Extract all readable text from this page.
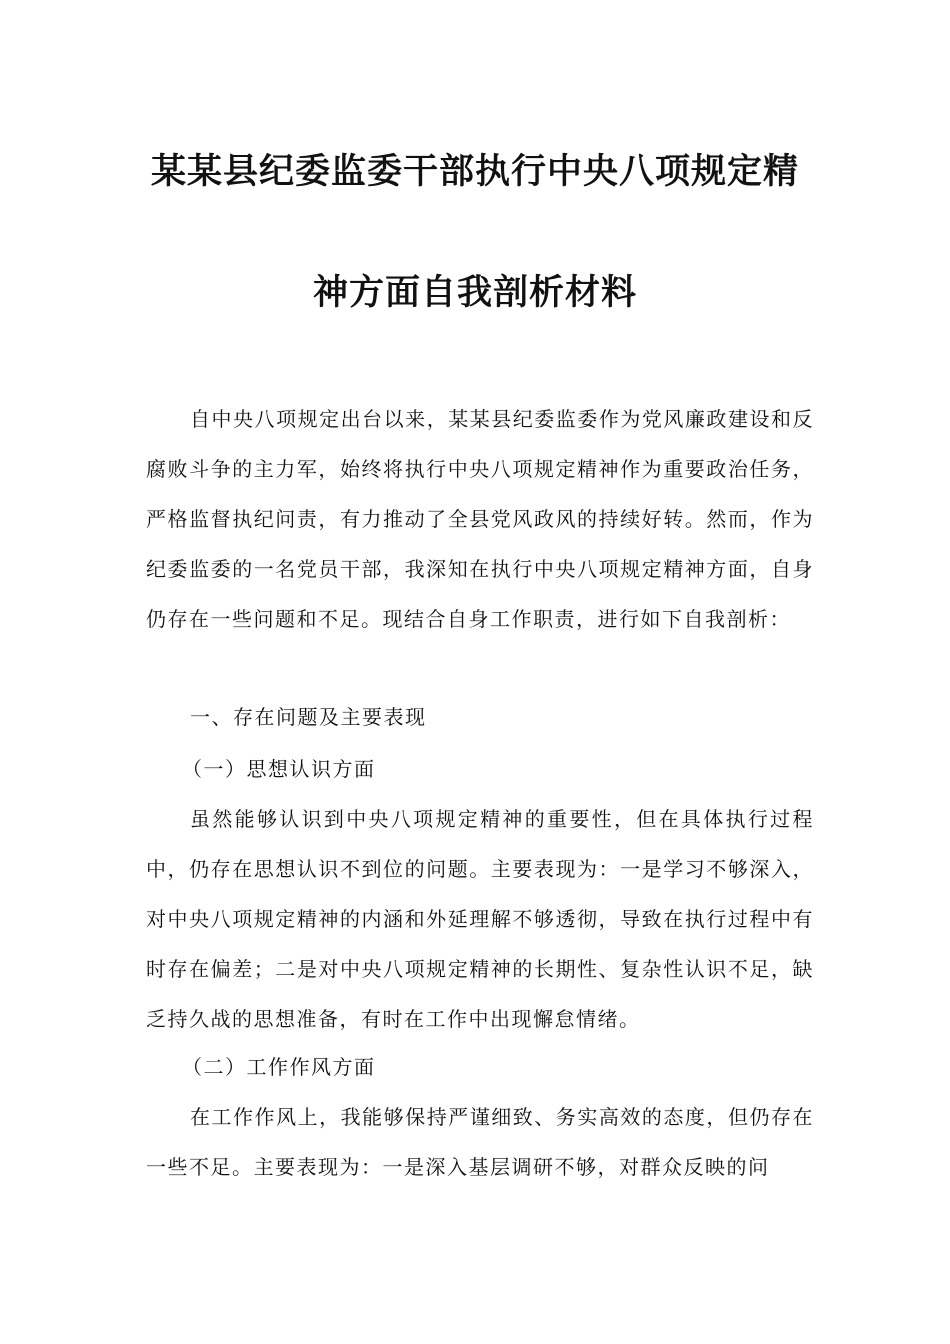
某某县纪委监委干部执行中央八项规定精
神方面自我剖析材料

自中央八项规定出台以来，某某县纪委监委作为党风廉政建设和反腐败斗争的主力军，始终将执行中央八项规定精神作为重要政治任务，严格监督执纪问责，有力推动了全县党风政风的持续好转。然而，作为纪委监委的一名党员干部，我深知在执行中央八项规定精神方面，自身仍存在一些问题和不足。现结合自身工作职责，进行如下自我剖析：

一、存在问题及主要表现
（一）思想认识方面

虽然能够认识到中央八项规定精神的重要性，但在具体执行过程中，仍存在思想认识不到位的问题。主要表现为：一是学习不够深入，对中央八项规定精神的内涵和外延理解不够透彻，导致在执行过程中有时存在偏差；二是对中央八项规定精神的长期性、复杂性认识不足，缺乏持久战的思想准备，有时在工作中出现懈怠情绪。

（二）工作作风方面

在工作作风上，我能够保持严谨细致、务实高效的态度，但仍存在一些不足。主要表现为：一是深入基层调研不够，对群众反映的问
